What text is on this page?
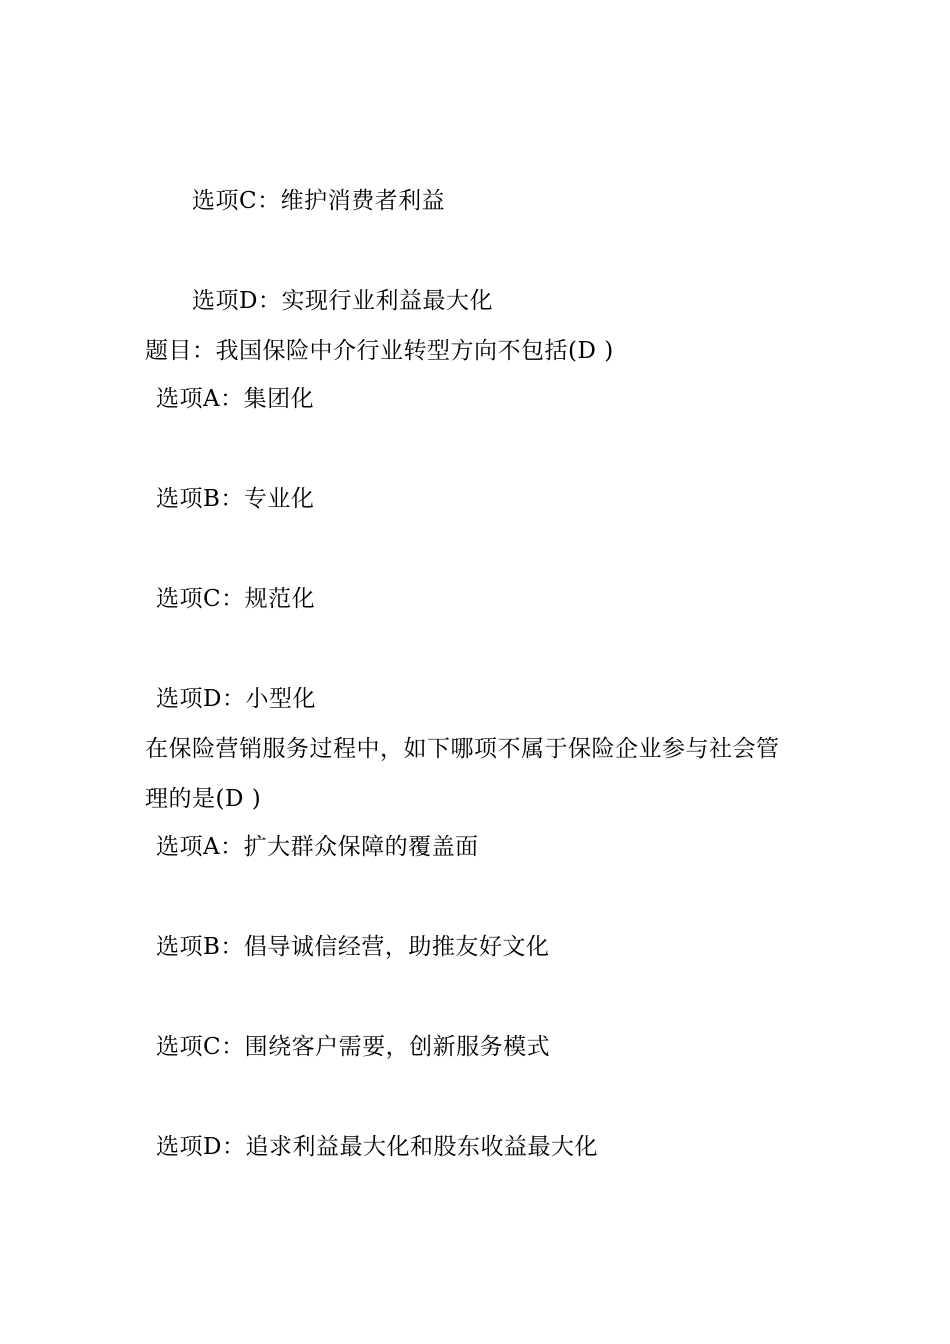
选项C：维护消费者利益
选项D：实现行业利益最大化
题目：我国保险中介行业转型方向不包括(D )
选项A：集团化
选项B：专业化
选项C：规范化
选项D：小型化
在保险营销服务过程中，如下哪项不属于保险企业参与社会管
理的是(D )
选项A：扩大群众保障的覆盖面
选项B：倡导诚信经营，助推友好文化
选项C：围绕客户需要，创新服务模式
选项D：追求利益最大化和股东收益最大化
